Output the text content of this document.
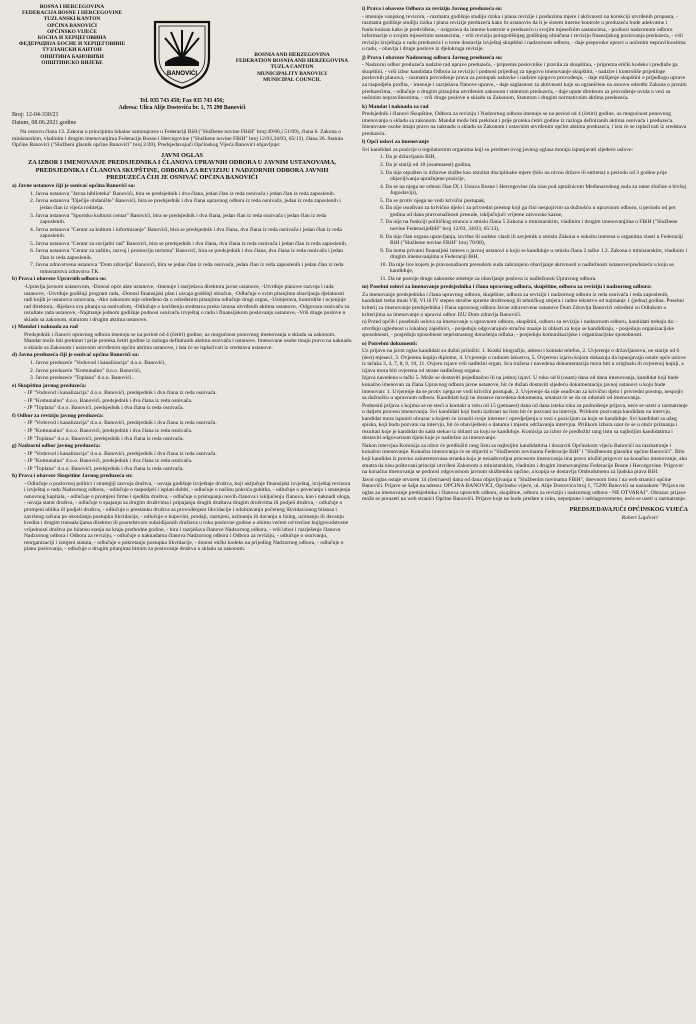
BOSNA I HERCEGOVINA
FEDERACIJA BOSNE I HERCEGOVINE
TUZLANSKI KANTON
OPĆINA BANOVIĆI
OPĆINSKO VIJEĆE
БОСНА И ХЕРЦЕГОВИНА
ФЕДЕРАЦИЈА БОСНЕ И ХЕРЦЕГОВИНЕ
ТУЗЛАНСКИ КАНТОН
ОПШТИНА БАНОВИЋИ
ОПШТИНСКО ВИЈЕЋЕ
BANOVIĆI
BOSNIA AND HERZEGOVINA
FEDERATION BOSNIA AND HERZEGOVINA
TUZLA CANTON
MUNICIPALITY BANOVICI
MUNICIPAL COUNCIL
Tel. 035 743 458; Fax 035 743 456;
Adresa: Ulica Alije Dostovića br. 1, 75 290 Banovići

Broj: 12-04-330/21

Datum, 08.06.2021.godine

Na osnovu člana 13. Zakona o principima lokalne samouprave u Federaciji BiH ("Službene novine FBiH" broj:49/06,i 51/09), člana 6. Zakona o ministarskim, vladinim i drugim imenovanjima Federacije Bosne i Hercegovine ("Službene novine FBiH" broj 12/03,34/03, 65/13), člana 26. Statuta Općine Banovići ("Službeni glasnik općine Banovići" broj 2/20), Predsjedavajući Općinskog Vijeća Banovići objavljuje:

JAVNI OGLAS
ZA IZBOR I IMENOVANJE PREDSJEDNIKA I ČLANOVA UPRAVNIH ODBORA U JAVNIM USTANOVAMA,
PREDSJEDNIKA I ČLANOVA SKUPŠTINE, ODBORA ZA REVIZIJU I NADZORNIH ODBORA JAVNIH
PREDUZEĆA ČIJI JE OSNIVAČ OPĆINA BANOVIĆI

a) Javne ustanove čiji je osnivač općina Banovići su:

1. Javna ustanova "Javna biblioteka" Banovići, bira se predsjednik i dva člana, jedan član iz reda osnivača i jedan član iz reda zaposlenih.

2. Javna ustanova "Dječije obdanište" Banovići, bira se predsjednik i dva člana upravnog odbora iz reda osnivača, jedan iz reda zaposlenih i jedan član iz vijeća roditelja.

3. Javna ustanova "Sportsko kulturni centar" Banovići, bira se predsjednik i dva člana, jedan član iz reda osnivača i jedan član iz reda zaposlenih.

4. Javna ustanova "Centar za kulturu i informisanje" Banovići, bira se predsjednik i dva člana, dva člana iz reda osnivača i jedan član iz reda zaposlenih.

5. Javna ustanova "Centar za socijalni rad" Banovići, bira se predsjednik i dva člana, dva člana iz reda osnivača i jedan član iz reda zaposlenih.

6. Javna ustanova "Centar za zaštitu, razvoj i promociju turizma" Banovići, bira se predsjednik i dva člana, dva člana iz reda osnivača i jedan član iz reda zaposlenih.

7. Javna zdravstvena ustanova "Dom zdravlja" Banovići, bira se jedan član iz reda osnivača, jedan član iz reda zaposlenih i jedan član iz reda ministarstva zdravstva TK.

b) Prava i obaveze Upravnih odbora su:

-Upravlja javnom ustanovom, -Donosi opće akte ustanove, -Imenuje i razrješava direktora javne ustanove, -Utvrđuje planove razvoja i rada ustanove, -Utvrđuje godišnji program rada, -Donosi finansijski plan i usvaja godišnji obračun, -Odlučuje o svim pitanjima obavljanja djelatnosti radi kojih je ustanova osnovana, -Ako zakonom nije određeno da o određenim pitanjima odlučuje drugi organ, -Usmjerava, kontroliše i ocjenjuje rad direktora, -Rješava sva pitanja sa osnivačem, -Odlučuje o korištenju sredstava preko iznosa utvrđenih aktima ustanove, -Odgovara osnivaču za rezultate rada ustanove, -Najmanje jednom godišnje podnosi osnivaču izvještaj o radu i finansijskom poslovanju ustanove, -Vrši druge poslove u skladu sa zakonom, statutom i drugim aktima ustanove.

c) Mandat i naknada za rad

Predsjednik i članovi upravnog odbora imenuju se na period od 4 (četiri) godine, uz mogućnost ponovnog imenovanja u skladu sa zakonom. Mandat može biti prekinut i prije proteka četiri godine iz razloga definiranih aktima osnivača i ustanove. Imenovane osobe imaju pravo na naknadu u skladu sa Zakonom i ustavnim utvrđenim općim aktima ustanove, i ista će se isplaćivati iz sredstava ustanove.

d) Javna preduzeća čiji je osnivač općina Banovići su:

1. Javno preduzeće "Vodovod i kanalizacija" d.o.o. Banovići,

2. Javno preduzeće "Komunalno" d.o.o. Banovići,

3. Javno preduzeće "Toplana" d.o.o. Banovići.

e) Skupština javnog preduzeća:

- JP "Vodovod i kanalizacija" d.o.o. Banovići, predsjednik i dva člana iz reda osnivača.

- JP "Komunalno" d.o.o. Banovići, predsjednik i dva člana iz reda osnivača.

- JP "Toplana" d.o.o. Banovići, predsjednik i dva člana iz reda osnivača.

f) Odbor za reviziju javnog preduzeća:

- JP "Vodovod i kanalizacija" d.o.o. Banovići, predsjednik i dva člana iz reda osnivača.

- JP "Komunalno" d.o.o. Banovići, predsjednik i dva člana iz reda osnivača.

- JP "Toplana" d.o.o. Banovići, predsjednik i dva člana iz reda osnivača.

g) Nadzorni odbor javnog preduzeća:

- JP "Vodovod i kanalizacija" d.o.o. Banovići, predsjednik i dva člana iz reda osnivača.

- JP "Komunalno" d.o.o. Banovići, predsjednik i dva člana iz reda osnivača.

- JP "Toplana" d.o.o. Banovići, predsjednik i dva člana iz reda osnivača.

h) Prava i obaveze Skupštine Javnog preduzeća su:

- Odlučuje o poslovnoj politici i strategiji razvoja društva, - usvaja godišnje izvještaje društva, koji uključuje finansijski izvještaj, izvještaj revizora i izvještaj o radu Nadzornog odbora, - odlučuje o raspodjeli i isplati dobiti, - odlučuje o načinu pokrića gubitka, - odlučuje o povećanju i smanjenju osnovnog kapitala, - odlučuje o promjeni firme i sjedišta društva, - odlučuje o pristupanju novih članova i isključenju članova, kao i naknadi uloga, - usvaja statut društva, - odlučuje o spajanju sa drugim društvima i pripajanju drugih društava drugim društvima ili podjeli društva, - odlučuje o promjeni oblika ili podjeli društva, - odlučuje o prestanku društva sa provođenjem likvidacije i odobravanju početnog likvidacionog bilansa i završnog računa po okončanju postupka likvidacije, - odlučuje o kupovini, prodaji, razmjeni, uzimanju ili davanju u lizing, uzimanju ili davanju kredita i drugim transakcijama direktno ili posredstvom subsidijarnih društava u toku poslovne godine u obimu većem od trećine knjigovodstvene vrijednosti društva po bilansu stanja na kraju prethodne godine, - bira i razrješava članove Nadzornog odbora, - vrši izbor i razrješenje članova Nadzornog odbora i Odbora za reviziju, - odlučuje o naknadama članova Nadzornog odbora i Odbora za reviziju, - odlučuje o osnivanju, reorganizaciji i izmjeni statuta, - odlučuje o pokretanju postupka likvidacije, - donosi etički kodeks na prijedlog Nadzornog odbora, - odlučuje o planu poslovanja, - odlučuje o drugim pitanjima bitnim za poslovanje društva u skladu sa zakonom.

i) Prava i obaveze Odbora za reviziju Javnog preduzeća su:

- imenuje vanjskog revizora, - razmatra godišnje studiju rizika i plana revizije i preduzima mjere i aktivnosti na korekciji utvrđenih propusta, - razmatra godišnje studiju rizika i plana revizije preduzeća kako bi ustanovio da li je sistem interne kontrole u preduzeću bude adekvatne i funkcionisan kako je predviđeno, - osigurava da interne kontrole u preduzeću u svojim mjesečnim sastancima, - podnosi nadzornom odboru informacije o svojim mjesečnim sastancima, - vrši reviziju polugodišnjeg godišnjeg obračuna i reviziju finansijskog poslovanja preduzeća, - vrši reviziju izvještaja o radu preduzeća i o tome dostavlja izvještaj skupštini i nadzornom odboru, - daje preporuke upravi o uočenim nepravilnostima u radu, - obavlja i druge poslove iz djelokruga revizije.

j) Prava i obaveze Nadzornog odbora Javnog preduzeća su:

- Nadzorni odbor preduzeća nadzire rad uprave preduzeća, - priprema poslovnike i pravila za skupštinu, - priprema etički kodeks i predlaže ga skupštini, - vrši izbor kandidata Odbora za reviziju i podnosi prijedlog za njegovo imenovanje skupštini, - nadzire i kontroliše prijedloge poslovnih planova, - razmatra provođenje prava za postupak nabavke i nadzire njegovo provođenje, - daje mišljenje skupštini o prijedlogu uprave za raspodjelu profita, - imenuje i razrješava članove uprave, - daje saglasnost za aktivnosti koje su ograničene na osnovu odredbi Zakona o javnim preduzećima, - odlučuje o drugim pitanjima utvrđenim zakonom i statutom preduzeća, - daje upute direktoru za provođenje uvida u vezi sa uočenim nepravilnostima, - vrši druge poslove u skladu sa Zakonom, Statutom i drugim normativnim aktima preduzeća.

k) Mandat i naknada za rad

Predsjednik i članovi Skupštine, Odbora za reviziju i Nadzornog odbora imenuju se na period od 4 (četiri) godine, uz mogućnost ponovnog imenovanja u skladu sa zakonom. Mandat može biti prekinut i prije proteka četiri godine iz razloga definiranih aktima osnivača i preduzeća. Imenovane osobe imaju pravo na naknadu u skladu sa Zakonom i ustavnim utvrđenim općim aktima preduzeća, i ista će se isplaćivati iz sredstava preduzeća.

l) Opći uslovi za imenovanje

Svi kandidati za pozicije u regulatornim organima koji su predmet ovog javnog oglasa moraju ispunjavati sljedeće uslove:

1. Da je državljanin BiH,

2. Da je stariji od 18 (osamnaest) godina,

3. Da nije otpušten iz državne službe kao rezultat disciplinske mjere (bilo na nivou države ili entiteta) u periodu od 3 godine prije objavljivanja upražnjene pozicije,

4. Da se na njega ne odnosi član IX.1 Ustava Bosne i Hercegovine (da nisu pod optužnicom Međunarodnog suda za ratne zločine u bivšoj Jugoslaviji),

5. Da se protiv njega ne vodi krivični postupak,

6. Da nije osuđivan za krivično djelo i za privredni prestup koji ga čini nespojivim sa dužnošću u upravnom odboru, u periodu od pet godina od dana pravosnažnosti presude, isključujući vrijeme zatvorske kazne,

7. Da nije na funkciji političkog stranca u smislu člana 5 Zakona o ministarskim, vladinim i drugim imenovanjima u FBiH ("Službene novine FederacijeBiH" broj 12/03, 34/03, 65/13),

8. Da nije član organa upravljanja, izvršne ili sudske vlasti ili savjetnik u smislu Zakona o sukobu interesa u organima vlasti u Federaciji BiH ("Službene novine FBiH" broj 70/08),

9. Da nema privatni finansijski interes u javnoj ustanovi u koju se kandiduje u smislu člana 2 tačke 1.2. Zakona o ministarskim, vladinim i drugim imenovanjima u Federaciji BiH,

10. Da nije lice kojem je pravosnažnom presudom suda zabranjeno obavljanje aktivnosti u nadležnosti ustanove/preduzeća u koju se kandiduje,

11. Da ne postoje druge zakonske smetnje za obavljanje poslova iz nadležnosti Upravnog odbora.

m) Posebni uslovi za imenovanje predsjednika i člana upravnog odbora, skupštine, odbora za reviziju i nadzornog odbora:

Za imenovanje predsjednika i člana upravnog odbora, skupštine, odbora za reviziju i nadzornog odbora iz reda osnivača i reda zaposlenih, kandidati treba imati VII, VI ili IV stepen stručne spreme društvenog ili tehničkog smjera i radno iskustvo od najmanje 1 (jedna) godina. Posebni kriterij za imenovanje predsjednika i člana upravnog odbora Javne zdravstvene ustanove Dom Zdravlja Banovići određeni su Odlukom o kriterijima za imenovanje u upravni odbor JZU Dom zdravlja Banovići.

n) Pored općih i posebnih uslova za imenovanje u upravnom odboru, skupštini, odboru za reviziju i nadzornom odboru, kandidati trebaju da: - utvrđuju uglednost u lokalnoj zajednici, - posjeduju odgovarajuće stručno znanje iz oblasti za koju se kandidiraju, - posjeduju organizacijske sposobnosti, - posjeduju sposobnost nepristrasnog donošenja odluka, - posjeduju komunikacijske i organizacijske sposobnosti.

o) Potrebni dokumenti:

Uz prijavu na javni oglas kandidati su dužni priložiti: 1. Kratki biografiju, adresu i kontakt telefon, 2. Uvjerenje o državljanstvu, ne starije od 6 (šest) mjeseci, 3. Ovjerenu kopiju diplome, 4. Uvjerenje o radnom iskustvu, 5. Ovjerenu izjavu kojom dokazuju da ispunjavaju ostale opće uslove iz tačaka 3, 4, 7, 8, 9, 10, 11. Ovjeru izjave vrši nadležni organ. Sva tražena i navedena dokumentacija mora biti u originalu ili ovjerenoj kopiji, a izjava mora biti ovjerena od strane nadležnog organa.

Izjava navedena u tački 5. Može se dostaviti pojedinačno ili na jednoj izjavi. U roku od 8 (osam) dana od dana imenovanja, kandidat koji bude konačno imenovan za člana Upravnog odbora javne ustanove, bit će dužan dostaviti sljedeću dokumentaciju javnoj ustanovi u koju bude imenovan: 1. Uvjerenje da se protiv njega ne vodi krivični postupak, 2. Uvjerenje da nije osuđivan za krivično djelo i privredni prestup, nespojiv sa dužnošću u upravnom odboru. Kandidati koji ne dostave navedena dokumenta, smatrat će se da su odustali od imenovanja.

Podnesiti prijava s kojima se ne steći u kontakt u roku od 15 (petnaest) dana od dana isteka roka za podnošenje prijava, neće se uzeti u razmatranje u daljem procesu imenovanja. Svi kandidati koji budu izabrani na listu bit će pozvani na intervju. Prilikom pozivanja kandidata na intervju, kandidat mora ispuniti obrazac u kojem će izraziti svoje interese i opredjeljenja u vezi s pozicijom za koju se kandiduje. Svi kandidati sa užeg spiska, koji budu pozvani na intervju, bit će obaviješteni o datumu i mjestu održavanja intervjua. Prilikom izbora uzet će se u obzir priznanja i rezultati koje je kandidat do sada stekao iz oblasti za koju se kandiduje. Komisija za izbor će predložiti rang listu sa najboljim kandidatima i dostaviti odgovornom tijelu koje je nadležno za imenovanje.

Nakon intervjua Komisija za izbor će predložiti rang listu sa najboljim kandidatima i dostaviti Općinskom vijeću Banovići na razmatranje i konačno imenovanje. Konačna imenovanja će se objaviti u "Službenim novinama Federacije BiH" i "Službenom glasniku općine Banovići". Bilo koji kandidat iz pravno zainteresovana stranka koja je nezadovoljna procesom imenovanja ima pravo uložiti prigovor na konačno imenovanje, ako smatra da nisu poštovani principi utvrđeni Zakonom o ministarskim, vladinim i drugim imenovanjima Federacije Bosne i Hercegovine. Prigovor na konačna imenovanja se podnosi odgovornom javnom službeniku općine, a kopija se dostavlja Ombudsmenu za ljudska prava BiH.

Javni oglas ostaje otvoren 14 (četrnaest) dana od dana objavljivanja u "Službenim novinama FBiH", dnevnom listu i na web stranici općine Banovići. Prijave se šalju na adresu: OPĆINA BANOVIĆI, Općinsko vijeće, ul. Alije Dostovića broj 1, 75290 Banovići sa naznakom "Prijava na oglas za imenovanje predsjednika i članova upravnih odbora, skupštine, odbora za reviziju i nadzornog odbora - NE OTVARAJ". Obrazac prijave može se preuzeti na web stranici Općine Banovići. Prijave koje ne budu predate u roku, nepotpune i neblagovremene, neće se uzeti u razmatranje.

PREDSJEDAVAJUĆI OPĆINSKOG VIJEĆA
Robert Lapčević
